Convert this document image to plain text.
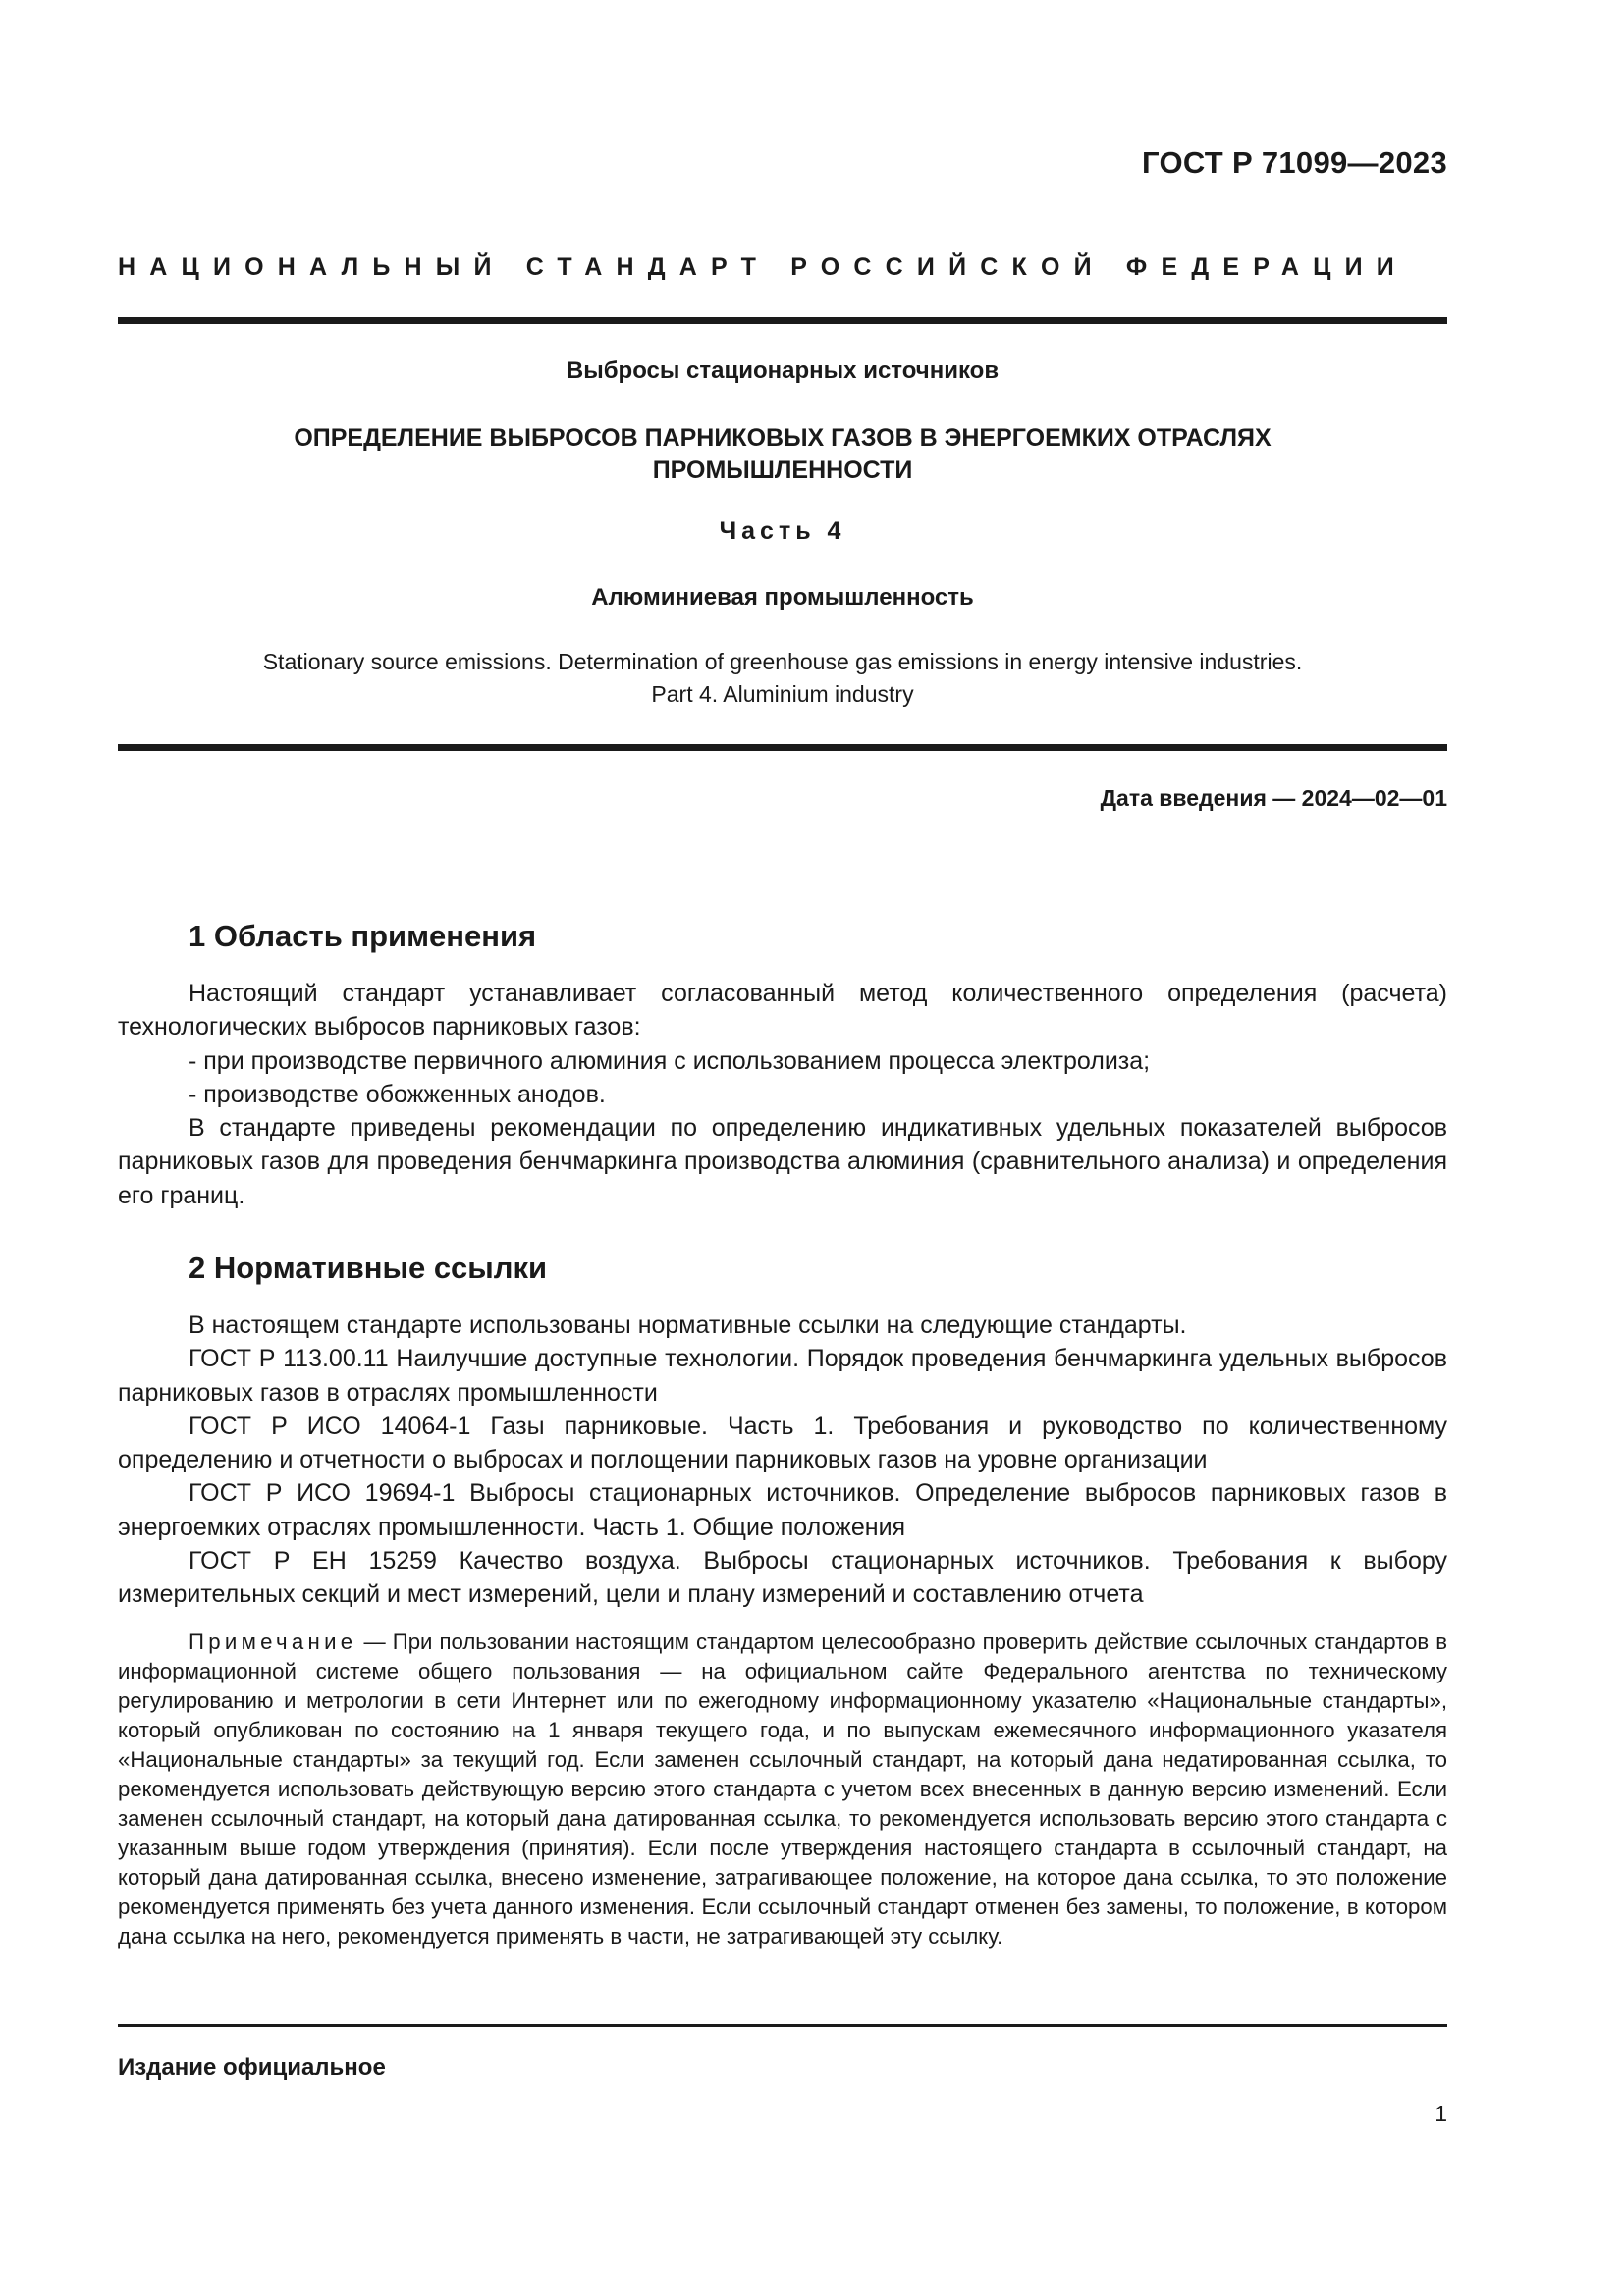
ГОСТ Р 71099—2023
НАЦИОНАЛЬНЫЙ СТАНДАРТ РОССИЙСКОЙ ФЕДЕРАЦИИ
Выбросы стационарных источников
ОПРЕДЕЛЕНИЕ ВЫБРОСОВ ПАРНИКОВЫХ ГАЗОВ В ЭНЕРГОЕМКИХ ОТРАСЛЯХ
ПРОМЫШЛЕННОСТИ
Часть 4
Алюминиевая промышленность
Stationary source emissions. Determination of greenhouse gas emissions in energy intensive industries.
Part 4. Aluminium industry
Дата введения — 2024—02—01
1 Область применения

Настоящий стандарт устанавливает согласованный метод количественного определения (расчета) технологических выбросов парниковых газов:

- при производстве первичного алюминия с использованием процесса электролиза;

- производстве обожженных анодов.

В стандарте приведены рекомендации по определению индикативных удельных показателей выбросов парниковых газов для проведения бенчмаркинга производства алюминия (сравнительного анализа) и определения его границ.

2 Нормативные ссылки

В настоящем стандарте использованы нормативные ссылки на следующие стандарты.

ГОСТ Р 113.00.11 Наилучшие доступные технологии. Порядок проведения бенчмаркинга удельных выбросов парниковых газов в отраслях промышленности

ГОСТ Р ИСО 14064-1 Газы парниковые. Часть 1. Требования и руководство по количественному определению и отчетности о выбросах и поглощении парниковых газов на уровне организации

ГОСТ Р ИСО 19694-1 Выбросы стационарных источников. Определение выбросов парниковых газов в энергоемких отраслях промышленности. Часть 1. Общие положения

ГОСТ Р ЕН 15259 Качество воздуха. Выбросы стационарных источников. Требования к выбору измерительных секций и мест измерений, цели и плану измерений и составлению отчета

Примечание — При пользовании настоящим стандартом целесообразно проверить действие ссылочных стандартов в информационной системе общего пользования — на официальном сайте Федерального агентства по техническому регулированию и метрологии в сети Интернет или по ежегодному информационному указателю «Национальные стандарты», который опубликован по состоянию на 1 января текущего года, и по выпускам ежемесячного информационного указателя «Национальные стандарты» за текущий год. Если заменен ссылочный стандарт, на который дана недатированная ссылка, то рекомендуется использовать действующую версию этого стандарта с учетом всех внесенных в данную версию изменений. Если заменен ссылочный стандарт, на который дана датированная ссылка, то рекомендуется использовать версию этого стандарта с указанным выше годом утверждения (принятия). Если после утверждения настоящего стандарта в ссылочный стандарт, на который дана датированная ссылка, внесено изменение, затрагивающее положение, на которое дана ссылка, то это положение рекомендуется применять без учета данного изменения. Если ссылочный стандарт отменен без замены, то положение, в котором дана ссылка на него, рекомендуется применять в части, не затрагивающей эту ссылку.

Издание официальное
1
